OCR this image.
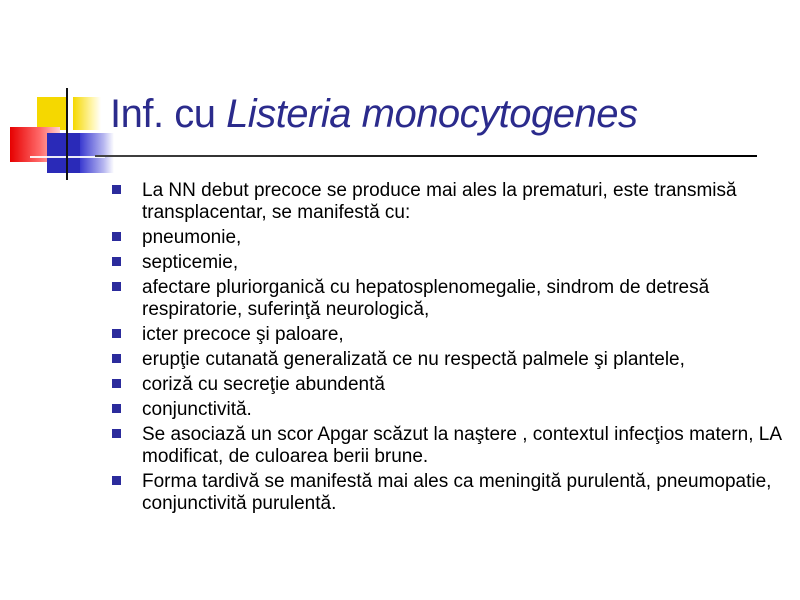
Inf. cu Listeria monocytogenes
La NN debut precoce se produce mai ales la prematuri, este transmisă transplacentar, se manifestă cu:
pneumonie,
septicemie,
afectare pluriorganică cu hepatosplenomegalie, sindrom de detresă respiratorie, suferinţă neurologică,
icter precoce şi paloare,
erupţie cutanată generalizată ce nu respectă palmele şi plantele,
coriză cu secreţie abundentă
conjunctivită.
Se asociază un scor Apgar scăzut la naştere , contextul infecţios matern, LA modificat, de culoarea berii brune.
Forma tardivă se manifestă mai ales ca meningită purulentă, pneumopatie, conjunctivită purulentă.
